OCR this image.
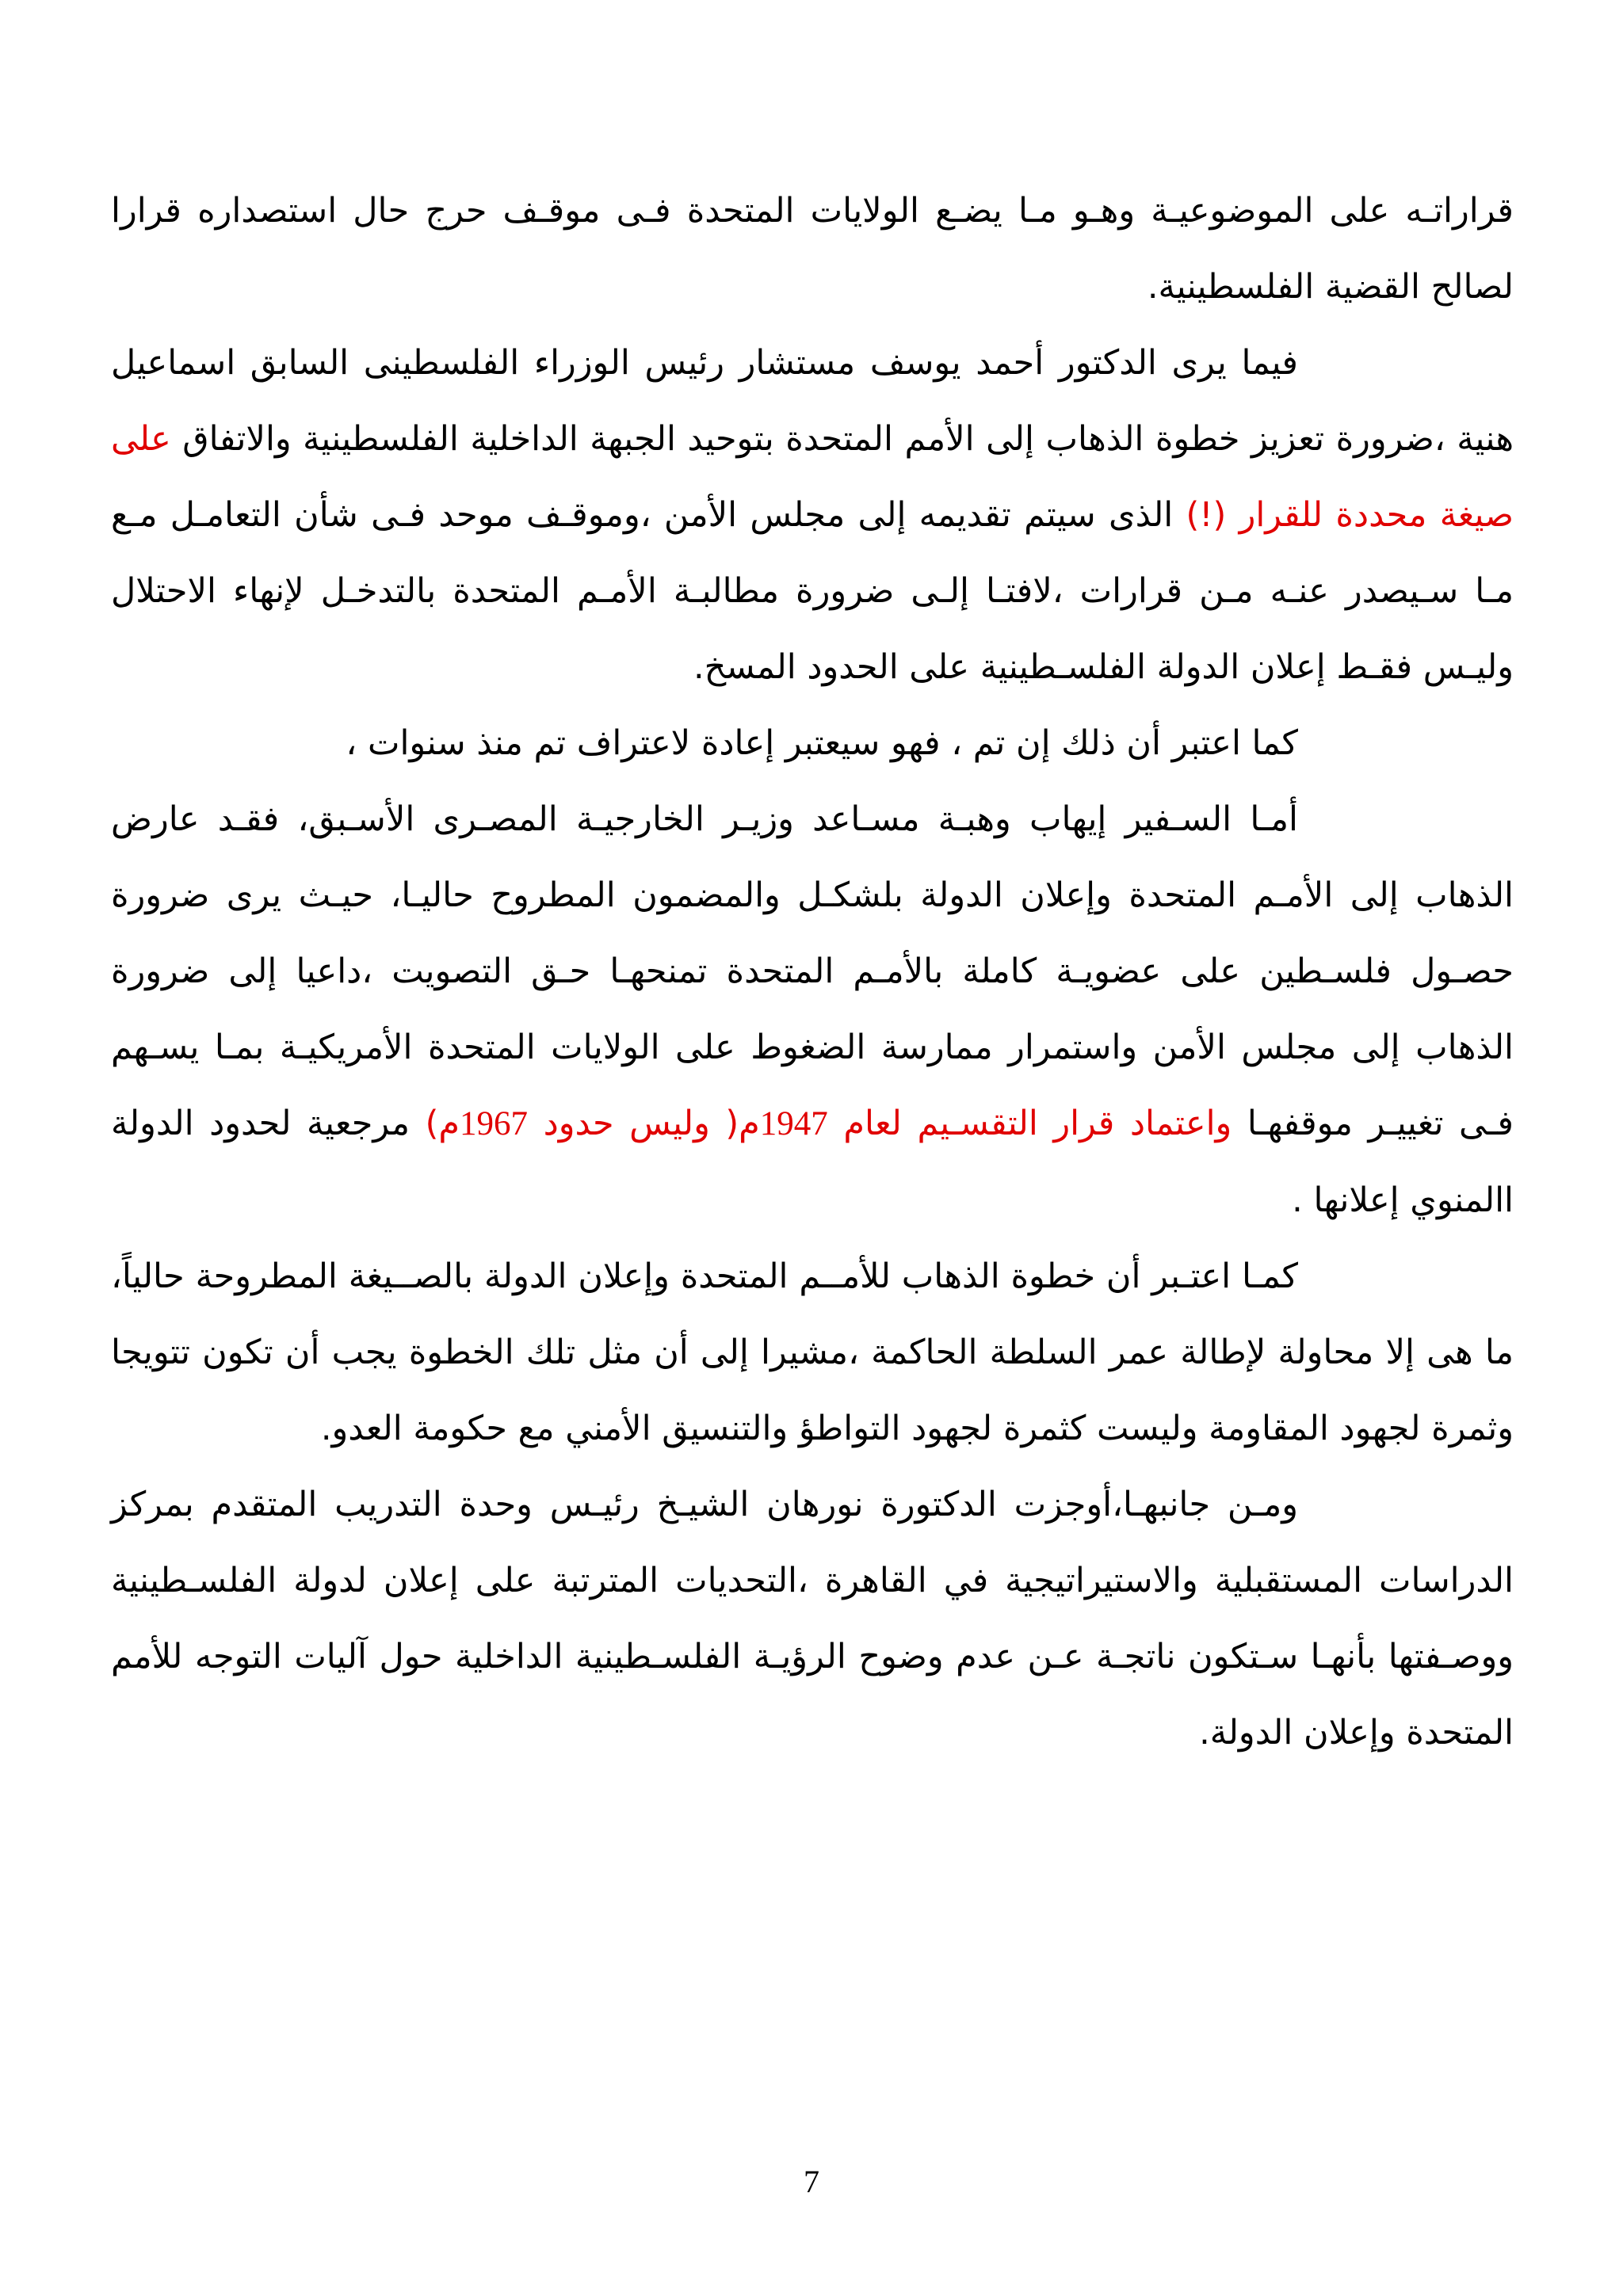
قراراتـه على الموضوعيـة وهـو مـا يضـع الولايات المتحدة فـى موقـف حرج حال استصداره قرارا لصالح القضية الفلسطينية.

فيما يرى الدكتور أحمد يوسف مستشار رئيس الوزراء الفلسطينى السابق اسماعيل هنية ،ضرورة تعزيز خطوة الذهاب إلى الأمم المتحدة بتوحيد الجبهة الداخلية الفلسطينية والاتفاق على صيغة محددة للقرار (!) الذى سيتم تقديمه إلى مجلس الأمن ،وموقـف موحد فـى شأن التعامـل مـع مـا سـيصدر عنـه مـن قرارات ،لافتـا إلـى ضرورة مطالبـة الأمـم المتحدة بالتدخـل لإنهاء الاحتلال وليـس فقـط إعلان الدولة الفلسـطينية على الحدود المسخ.

كما اعتبر أن ذلك إن تم ، فهو سيعتبر إعادة لاعتراف تم منذ سنوات ،

أمـا السـفير إيهاب وهبـة مسـاعد وزيـر الخارجيـة المصـرى الأسـبق، فقـد عارض الذهاب إلى الأمـم المتحدة وإعلان الدولة بلشكـل والمضمون المطروح حاليـا، حيـث يرى ضرورة حصـول فلسـطين على عضويـة كاملة بالأمـم المتحدة تمنحهـا حـق التصويت ،داعيا إلى ضرورة الذهاب إلى مجلس الأمن واستمرار ممارسة الضغوط على الولايات المتحدة الأمريكيـة بمـا يسـهم فـى تغييـر موقفهـا واعتماد قرار التقسـيم لعام 1947م( وليس حدود 1967م) مرجعية لحدود الدولة االمنوي إعلانها .

كمـا اعتـبر أن خطوة الذهاب للأمــم المتحدة وإعلان الدولة بالصــيغة المطروحة حالياً، ما هى إلا محاولة لإطالة عمر السلطة الحاكمة ،مشيرا إلى أن مثل تلك الخطوة يجب أن تكون تتويجا وثمرة لجهود المقاومة وليست كثمرة لجهود التواطؤ والتنسيق الأمني مع حكومة العدو.

ومـن جانبهـا،أوجزت الدكتورة نورهان الشيـخ رئيـس وحدة التدريب المتقدم بمركز الدراسات المستقبلية والاستيراتيجية في القاهرة ،التحديات المترتبة على إعلان لدولة الفلسـطينية ووصـفتها بأنهـا سـتكون ناتجـة عـن عدم وضوح الرؤيـة الفلسـطينية الداخلية حول آليات التوجه للأمم المتحدة وإعلان الدولة.

7
